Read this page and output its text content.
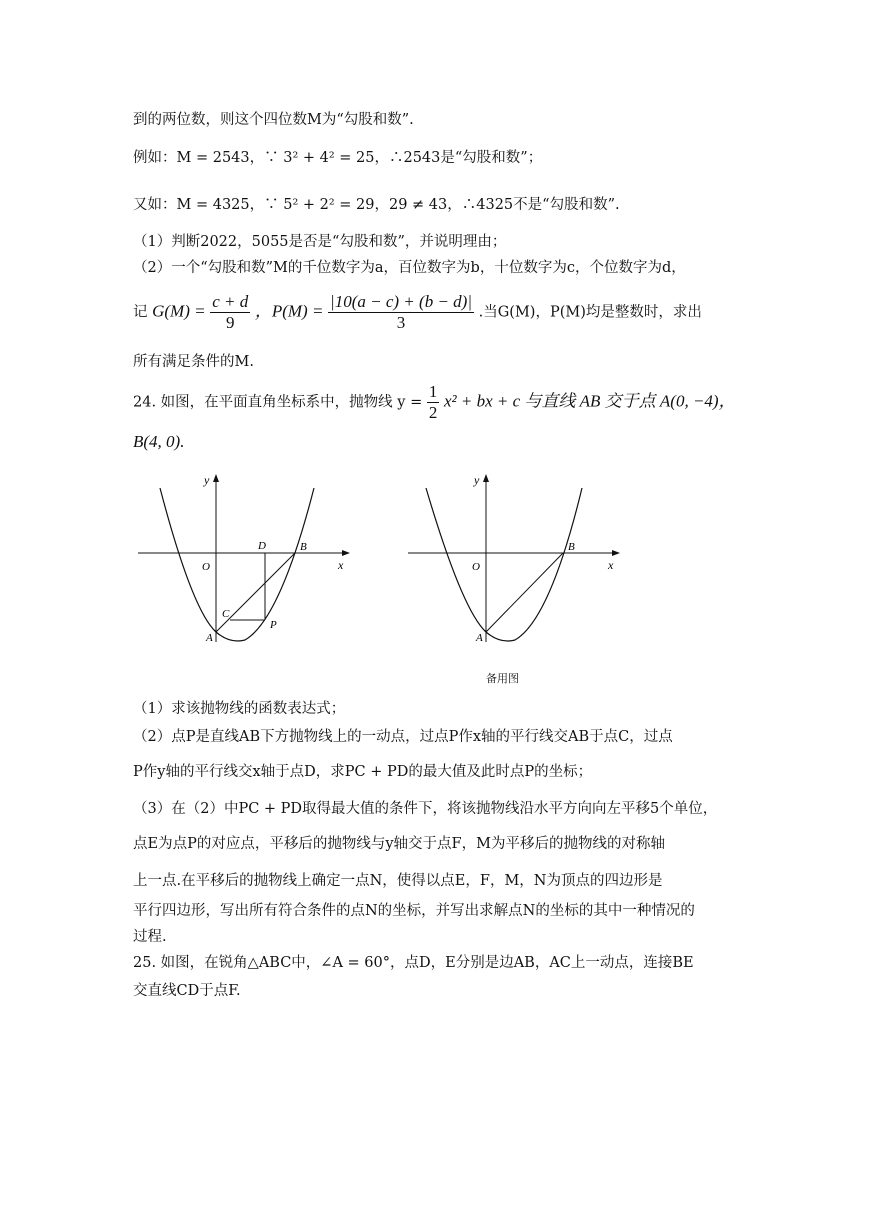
到的两位数，则这个四位数M为“勾股和数”.
例如：M = 2543，∵ 3² + 4² = 25，∴2543是“勾股和数”；
又如：M = 4325，∵ 5² + 2² = 29，29 ≠ 43，∴4325不是“勾股和数”.
（1）判断2022，5055是否是“勾股和数”，并说明理由；
（2）一个“勾股和数”M的千位数字为a，百位数字为b，十位数字为c，个位数字为d，
记 $G(M) = \frac{c + d}{9}$ ，$P(M) = \frac{|10(a - c) + (b - d)|}{3}$ .当G(M)，P(M)均是整数时，求出
所有满足条件的M.
24. 如图，在平面直角坐标系中，抛物线 $y = \frac{1}{2} x^2$ + bx + c 与直线 AB 交于点 A(0, −4)，
B(4, 0).
y
x
O
A
B
C
D
P
y
x
O
A
B
备用图
（1）求该抛物线的函数表达式；
（2）点P是直线AB下方抛物线上的一动点，过点P作x轴的平行线交AB于点C，过点
P作y轴的平行线交x轴于点D，求PC + PD的最大值及此时点P的坐标；
（3）在（2）中PC + PD取得最大值的条件下，将该抛物线沿水平方向向左平移5个单位，
点E为点P的对应点，平移后的抛物线与y轴交于点F，M为平移后的抛物线的对称轴
上一点.在平移后的抛物线上确定一点N，使得以点E，F，M，N为顶点的四边形是
平行四边形，写出所有符合条件的点N的坐标，并写出求解点N的坐标的其中一种情况的
过程.
25. 如图，在锐角△ABC中，∠A = 60°，点D，E分别是边AB，AC上一动点，连接BE
交直线CD于点F.
